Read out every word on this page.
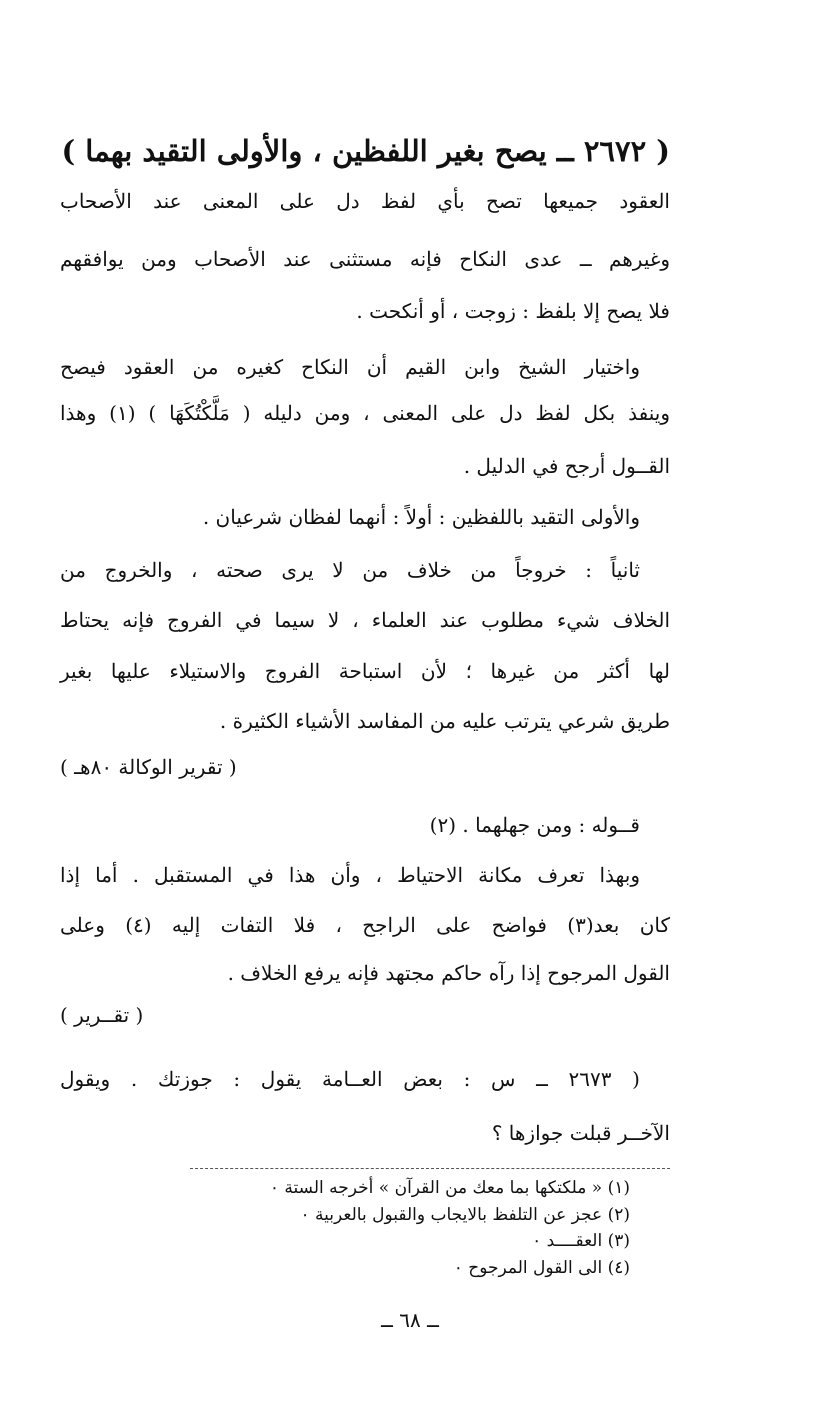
( ٢٦٧٢ ــ يصح بغير اللفظين ، والأولى التقيد بهما )
العقود جميعها تصح بأي لفظ دل على المعنى عند الأصحاب
وغيرهم ــ عدى النكاح فإنه مستثنى عند الأصحاب ومن يوافقهم
فلا يصح إلا بلفظ : زوجت ، أو أنكحت .
واختيار الشيخ وابن القيم أن النكاح كغيره من العقود فيصح
وينفذ بكل لفظ دل على المعنى ، ومن دليله ( مَلَّكْتُكَهَا ) (١) وهذا
القــول أرجح في الدليل .
والأولى التقيد باللفظين : أولاً : أنهما لفظان شرعيان .
ثانياً : خروجاً من خلاف من لا يرى صحته ، والخروج من
الخلاف شيء مطلوب عند العلماء ، لا سيما في الفروج فإنه يحتاط
لها أكثر من غيرها ؛ لأن استباحة الفروج والاستيلاء عليها بغير
طريق شرعي يترتب عليه من المفاسد الأشياء الكثيرة .
( تقرير الوكالة ٨٠هـ )
قــوله : ومن جهلهما . (٢)
وبهذا تعرف مكانة الاحتياط ، وأن هذا في المستقبل . أما إذا
كان بعد(٣) فواضح على الراجح ، فلا التفات إليه (٤) وعلى
القول المرجوح إذا رآه حاكم مجتهد فإنه يرفع الخلاف .
( تقــرير )
( ٢٦٧٣ ــ س : بعض العــامة يقول : جوزتك . ويقول
الآخــر قبلت جوازها ؟
(١) « ملكتكها بما معك من القرآن » أخرجه الستة ٠
(٢) عجز عن التلفظ بالايجاب والقبول بالعربية ٠
(٣) العقــــد ٠
(٤) الى القول المرجوح ٠
ــ ٦٨ ــ
